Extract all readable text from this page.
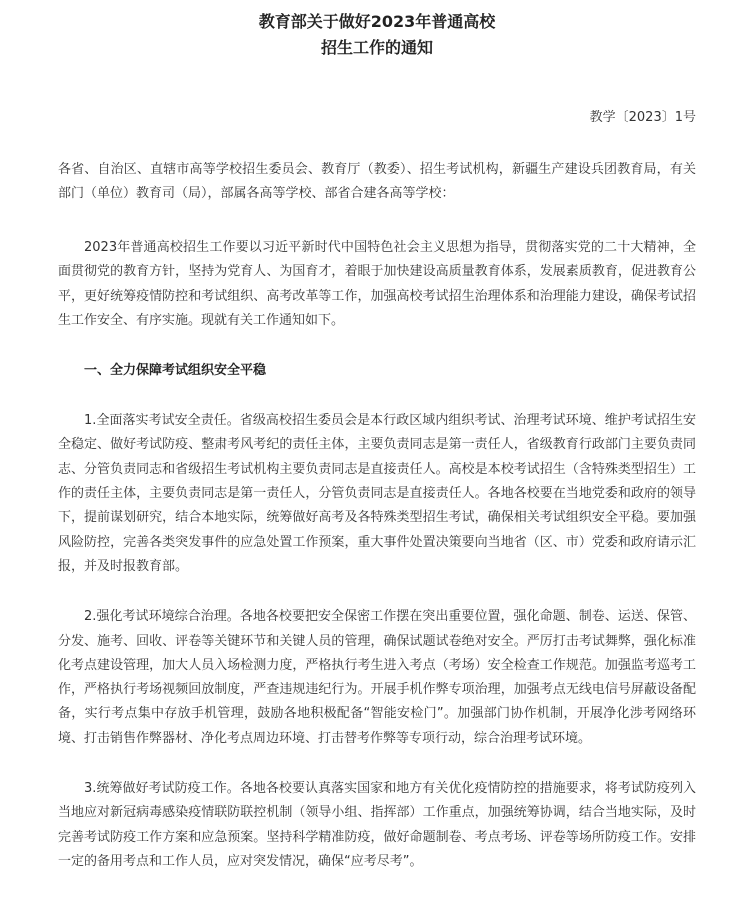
教育部关于做好2023年普通高校
招生工作的通知
教学〔2023〕1号
各省、自治区、直辖市高等学校招生委员会、教育厅（教委）、招生考试机构，新疆生产建设兵团教育局，有关部门（单位）教育司（局），部属各高等学校、部省合建各高等学校：

2023年普通高校招生工作要以习近平新时代中国特色社会主义思想为指导，贯彻落实党的二十大精神，全面贯彻党的教育方针，坚持为党育人、为国育才，着眼于加快建设高质量教育体系，发展素质教育，促进教育公平，更好统筹疫情防控和考试组织、高考改革等工作，加强高校考试招生治理体系和治理能力建设，确保考试招生工作安全、有序实施。现就有关工作通知如下。

一、全力保障考试组织安全平稳

1.全面落实考试安全责任。省级高校招生委员会是本行政区域内组织考试、治理考试环境、维护考试招生安全稳定、做好考试防疫、整肃考风考纪的责任主体，主要负责同志是第一责任人，省级教育行政部门主要负责同志、分管负责同志和省级招生考试机构主要负责同志是直接责任人。高校是本校考试招生（含特殊类型招生）工作的责任主体，主要负责同志是第一责任人，分管负责同志是直接责任人。各地各校要在当地党委和政府的领导下，提前谋划研究，结合本地实际，统筹做好高考及各特殊类型招生考试，确保相关考试组织安全平稳。要加强风险防控，完善各类突发事件的应急处置工作预案，重大事件处置决策要向当地省（区、市）党委和政府请示汇报，并及时报教育部。

2.强化考试环境综合治理。各地各校要把安全保密工作摆在突出重要位置，强化命题、制卷、运送、保管、分发、施考、回收、评卷等关键环节和关键人员的管理，确保试题试卷绝对安全。严厉打击考试舞弊，强化标准化考点建设管理，加大人员入场检测力度，严格执行考生进入考点（考场）安全检查工作规范。加强监考巡考工作，严格执行考场视频回放制度，严查违规违纪行为。开展手机作弊专项治理，加强考点无线电信号屏蔽设备配备，实行考点集中存放手机管理，鼓励各地积极配备“智能安检门”。加强部门协作机制，开展净化涉考网络环境、打击销售作弊器材、净化考点周边环境、打击替考作弊等专项行动，综合治理考试环境。

3.统筹做好考试防疫工作。各地各校要认真落实国家和地方有关优化疫情防控的措施要求，将考试防疫列入当地应对新冠病毒感染疫情联防联控机制（领导小组、指挥部）工作重点，加强统筹协调，结合当地实际，及时完善考试防疫工作方案和应急预案。坚持科学精准防疫，做好命题制卷、考点考场、评卷等场所防疫工作。安排一定的备用考点和工作人员，应对突发情况，确保“应考尽考”。
